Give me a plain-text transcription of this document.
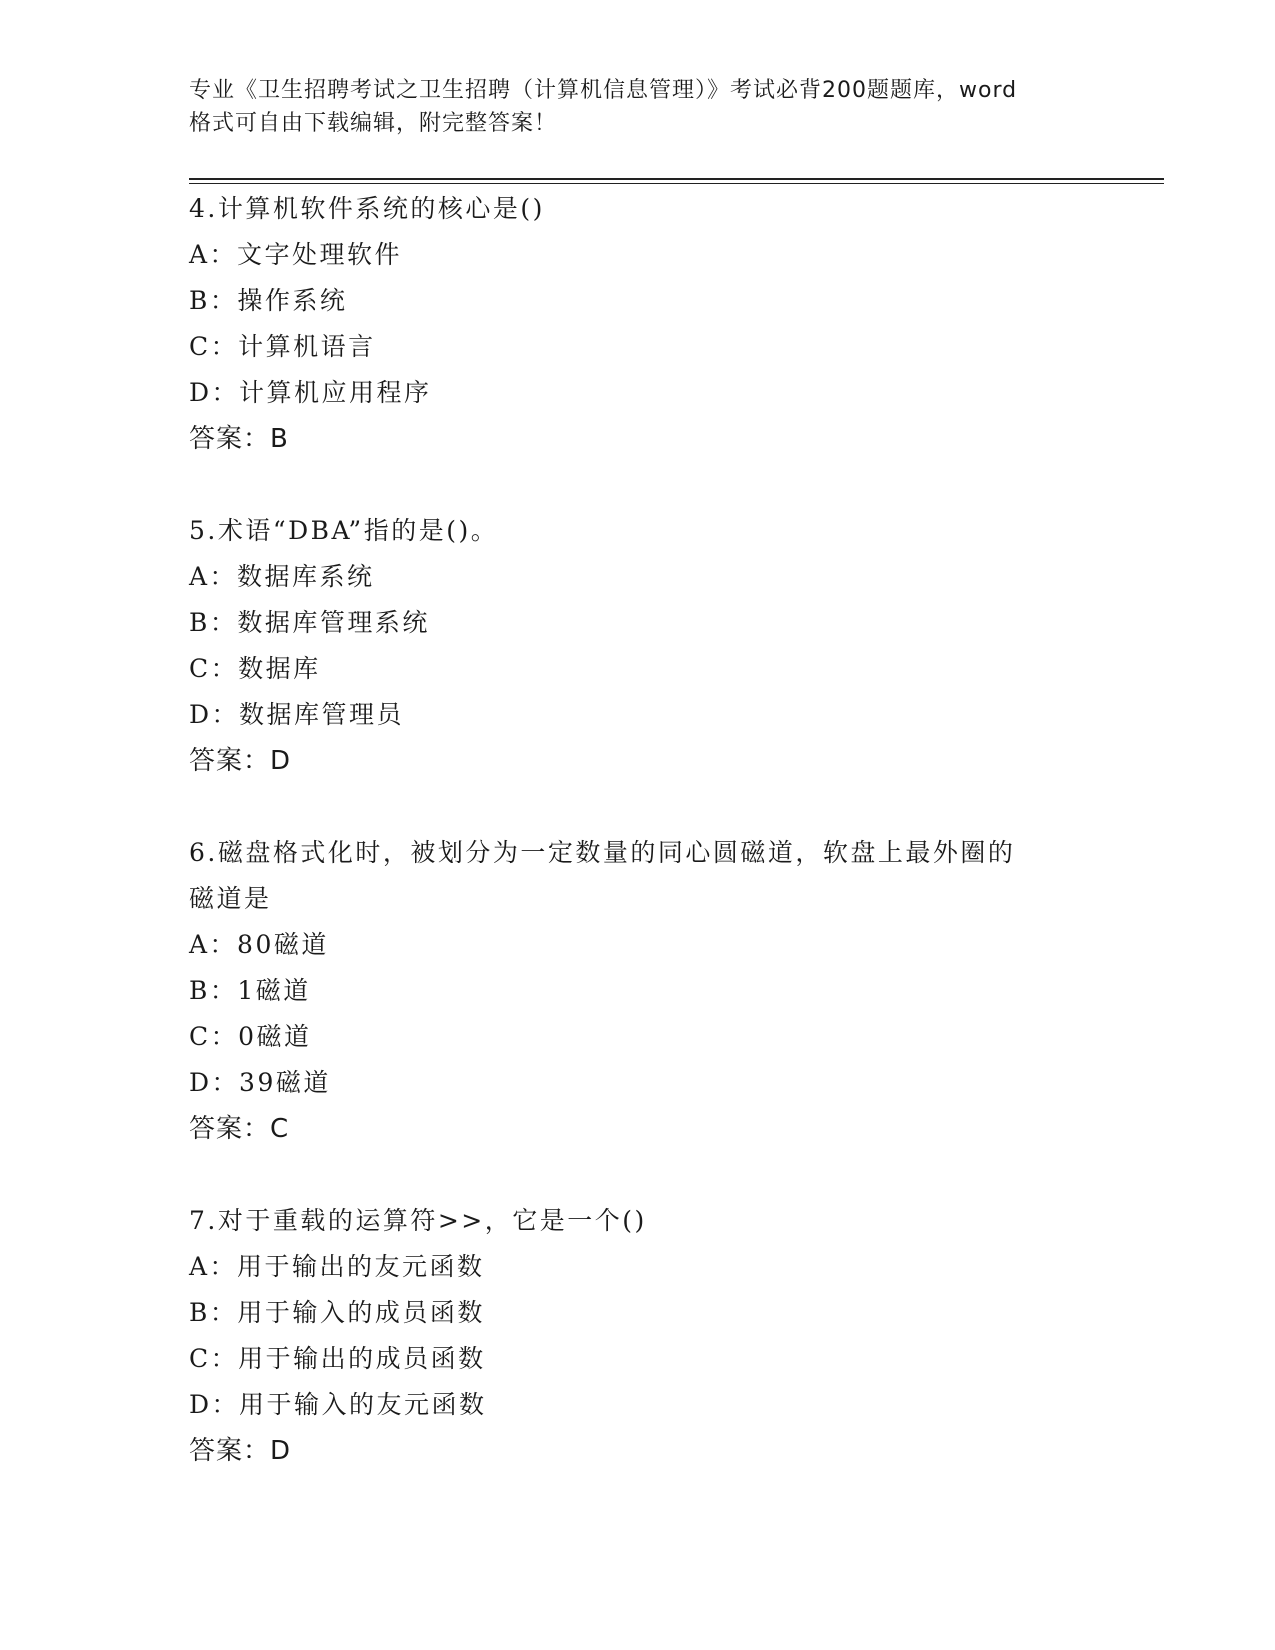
专业《卫生招聘考试之卫生招聘（计算机信息管理）》考试必背200题题库，word
格式可自由下载编辑，附完整答案！
4.计算机软件系统的核心是()
A：文字处理软件
B：操作系统
C：计算机语言
D：计算机应用程序
答案：B
5.术语“DBA”指的是()。
A：数据库系统
B：数据库管理系统
C：数据库
D：数据库管理员
答案：D
6.磁盘格式化时，被划分为一定数量的同心圆磁道，软盘上最外圈的
磁道是
A：80磁道
B：1磁道
C：0磁道
D：39磁道
答案：C
7.对于重载的运算符>>，它是一个()
A：用于输出的友元函数
B：用于输入的成员函数
C：用于输出的成员函数
D：用于输入的友元函数
答案：D
